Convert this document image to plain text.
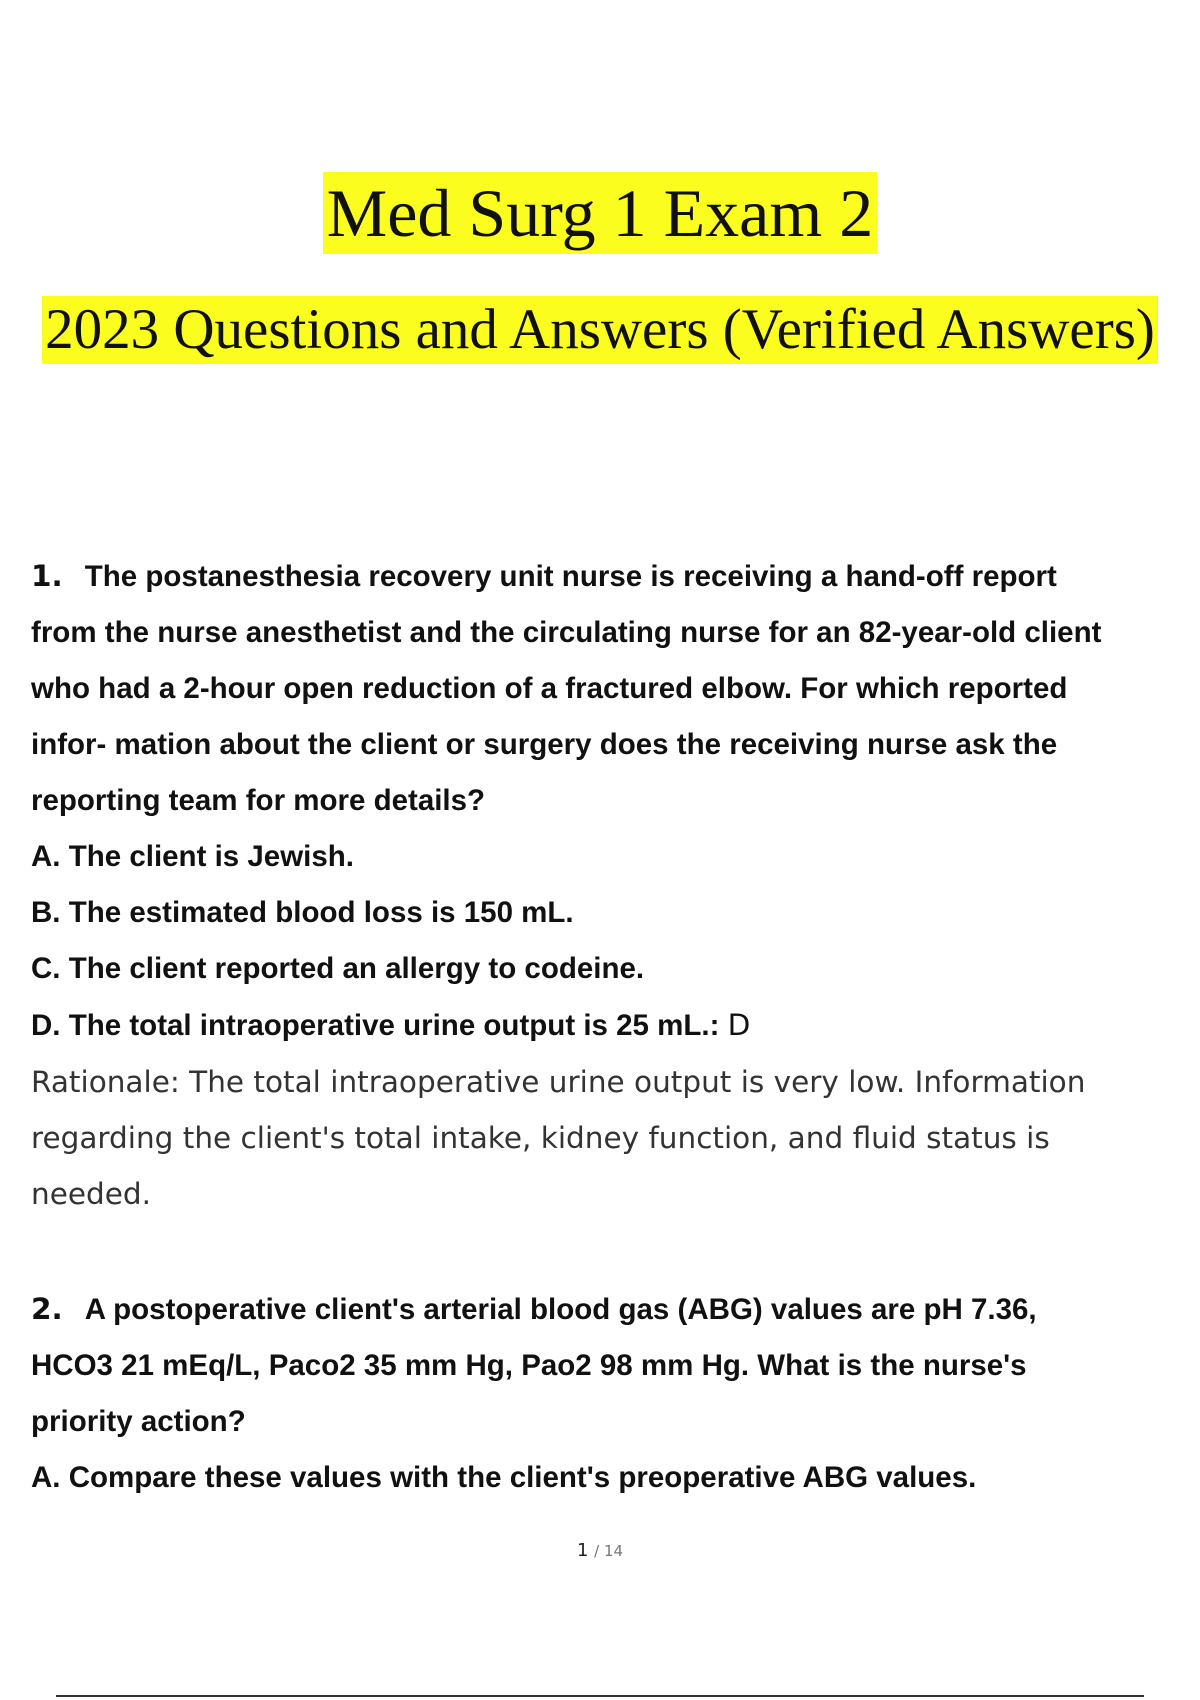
Med Surg 1 Exam 2
2023 Questions and Answers (Verified Answers)

1. The postanesthesia recovery unit nurse is receiving a hand-off report

from the nurse anesthetist and the circulating nurse for an 82-year-old client

who had a 2-hour open reduction of a fractured elbow. For which reported

infor- mation about the client or surgery does the receiving nurse ask the

reporting team for more details?

A. The client is Jewish.

B. The estimated blood loss is 150 mL.

C. The client reported an allergy to codeine.

D. The total intraoperative urine output is 25 mL.: D

Rationale: The total intraoperative urine output is very low. Information

regarding the client's total intake, kidney function, and fluid status is

needed.

2. A postoperative client's arterial blood gas (ABG) values are pH 7.36,

HCO3 21 mEq/L, Paco2 35 mm Hg, Pao2 98 mm Hg. What is the nurse's

priority action?

A. Compare these values with the client's preoperative ABG values.

1 / 14
